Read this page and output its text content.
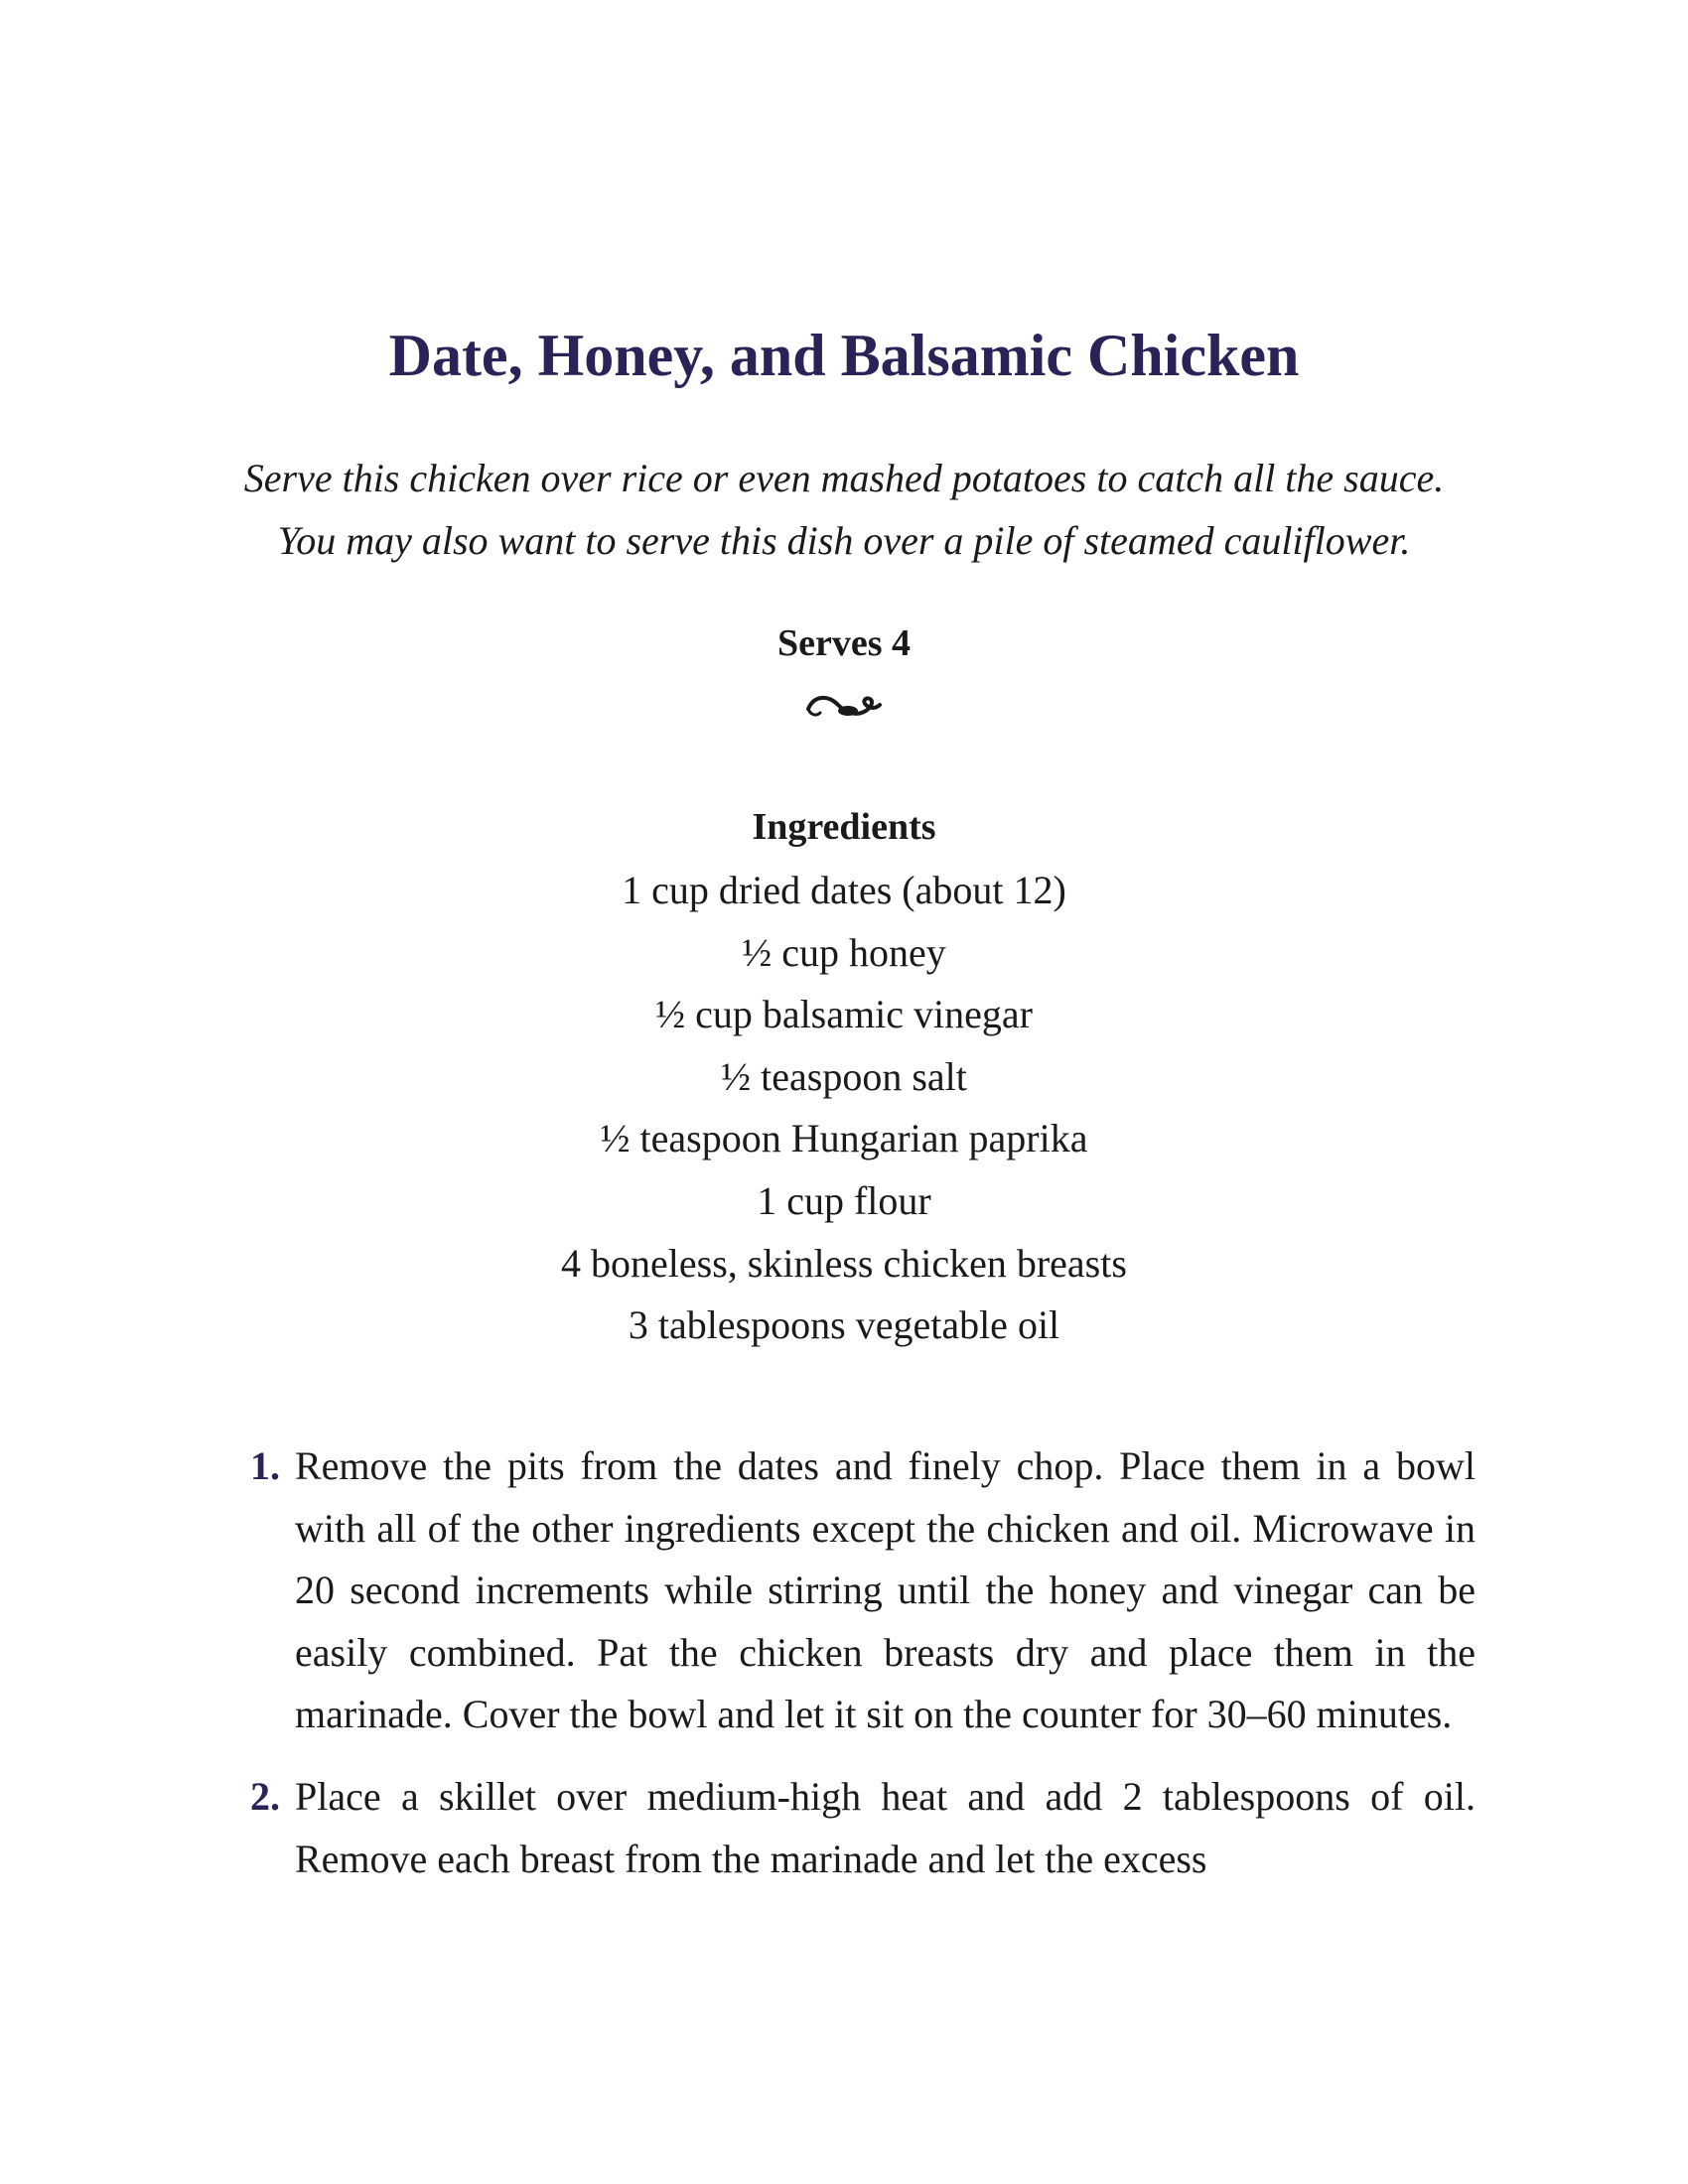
Date, Honey, and Balsamic Chicken
Serve this chicken over rice or even mashed potatoes to catch all the sauce.
You may also want to serve this dish over a pile of steamed cauliflower.
Serves 4
Ingredients
1 cup dried dates (about 12)
½ cup honey
½ cup balsamic vinegar
½ teaspoon salt
½ teaspoon Hungarian paprika
1 cup flour
4 boneless, skinless chicken breasts
3 tablespoons vegetable oil
1. Remove the pits from the dates and finely chop. Place them in a bowl with all of the other ingredients except the chicken and oil. Microwave in 20 second increments while stirring until the honey and vinegar can be easily combined. Pat the chicken breasts dry and place them in the marinade. Cover the bowl and let it sit on the counter for 30–60 minutes.
2. Place a skillet over medium-high heat and add 2 tablespoons of oil. Remove each breast from the marinade and let the excess
